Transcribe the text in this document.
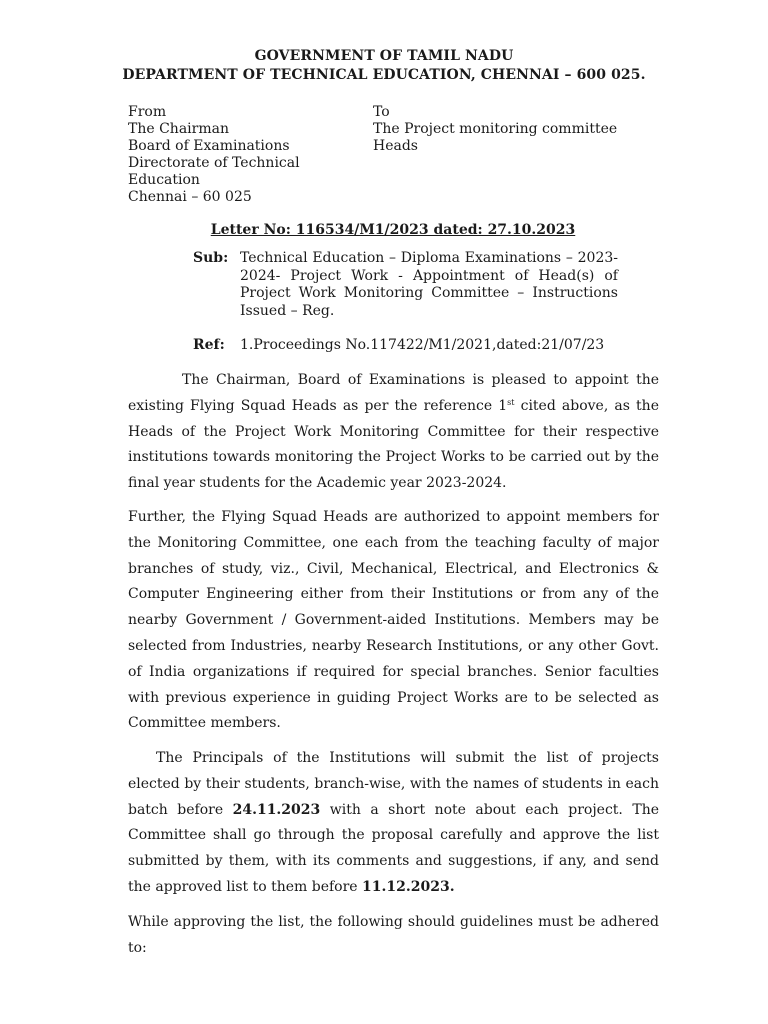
GOVERNMENT OF TAMIL NADU
DEPARTMENT OF TECHNICAL EDUCATION, CHENNAI – 600 025.
From
The Chairman
Board of Examinations
Directorate of Technical
Education
Chennai – 60 025
To
The Project monitoring committee
Heads
Letter No: 116534/M1/2023 dated: 27.10.2023
Sub: Technical Education – Diploma Examinations – 2023-2024- Project Work - Appointment of Head(s) of Project Work Monitoring Committee – Instructions Issued – Reg.
Ref: 1.Proceedings No.117422/M1/2021,dated:21/07/23
The Chairman, Board of Examinations is pleased to appoint the existing Flying Squad Heads as per the reference 1st cited above, as the Heads of the Project Work Monitoring Committee for their respective institutions towards monitoring the Project Works to be carried out by the final year students for the Academic year 2023-2024.
Further, the Flying Squad Heads are authorized to appoint members for the Monitoring Committee, one each from the teaching faculty of major branches of study, viz., Civil, Mechanical, Electrical, and Electronics & Computer Engineering either from their Institutions or from any of the nearby Government / Government-aided Institutions. Members may be selected from Industries, nearby Research Institutions, or any other Govt. of India organizations if required for special branches. Senior faculties with previous experience in guiding Project Works are to be selected as Committee members.
The Principals of the Institutions will submit the list of projects elected by their students, branch-wise, with the names of students in each batch before 24.11.2023 with a short note about each project. The Committee shall go through the proposal carefully and approve the list submitted by them, with its comments and suggestions, if any, and send the approved list to them before 11.12.2023.
While approving the list, the following should guidelines must be adhered to:
